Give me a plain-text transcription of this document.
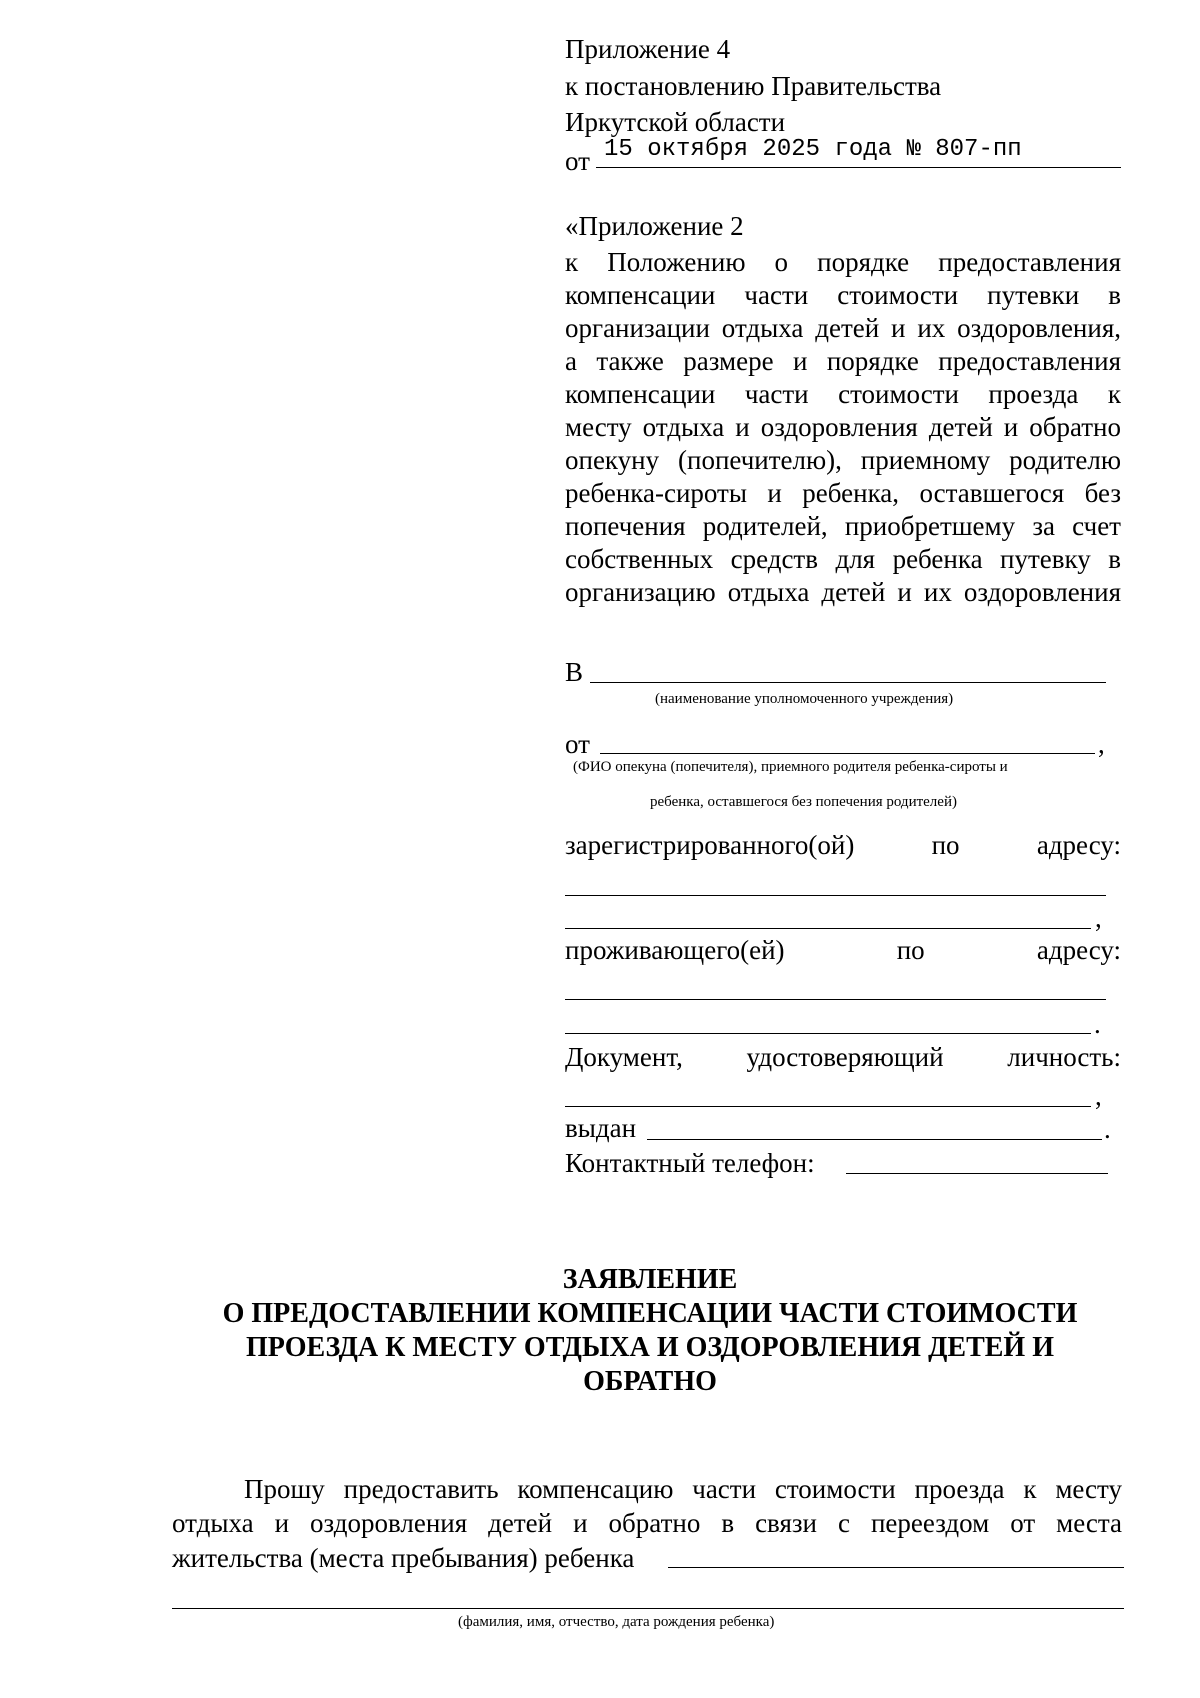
Приложение 4
к постановлению Правительства
Иркутской области
от 15 октября 2025 года № 807-пп
«Приложение 2
к Положению о порядке предоставления
компенсации части стоимости путевки в
организации отдыха детей и их оздоровления,
а также размере и порядке предоставления
компенсации части стоимости проезда к
месту отдыха и оздоровления детей и обратно
опекуну (попечителю), приемному родителю
ребенка-сироты и ребенка, оставшегося без
попечения родителей, приобретшему за счет
собственных средств для ребенка путевку в
организацию отдыха детей и их оздоровления
В
(наименование уполномоченного учреждения)
от	,
(ФИО опекуна (попечителя), приемного родителя ребенка-сироты и
ребенка, оставшегося без попечения родителей)
зарегистрированного(ой) по адресу:
,
проживающего(ей) по адресу:
.
Документ, удостоверяющий личность:
,
выдан	.
Контактный телефон:
ЗАЯВЛЕНИЕ
О ПРЕДОСТАВЛЕНИИ КОМПЕНСАЦИИ ЧАСТИ СТОИМОСТИ
ПРОЕЗДА К МЕСТУ ОТДЫХА И ОЗДОРОВЛЕНИЯ ДЕТЕЙ И
ОБРАТНО
Прошу предоставить компенсацию части стоимости проезда к месту
отдыха и оздоровления детей и обратно в связи с переездом от места
жительства (места пребывания) ребенка
(фамилия, имя, отчество, дата рождения ребенка)
